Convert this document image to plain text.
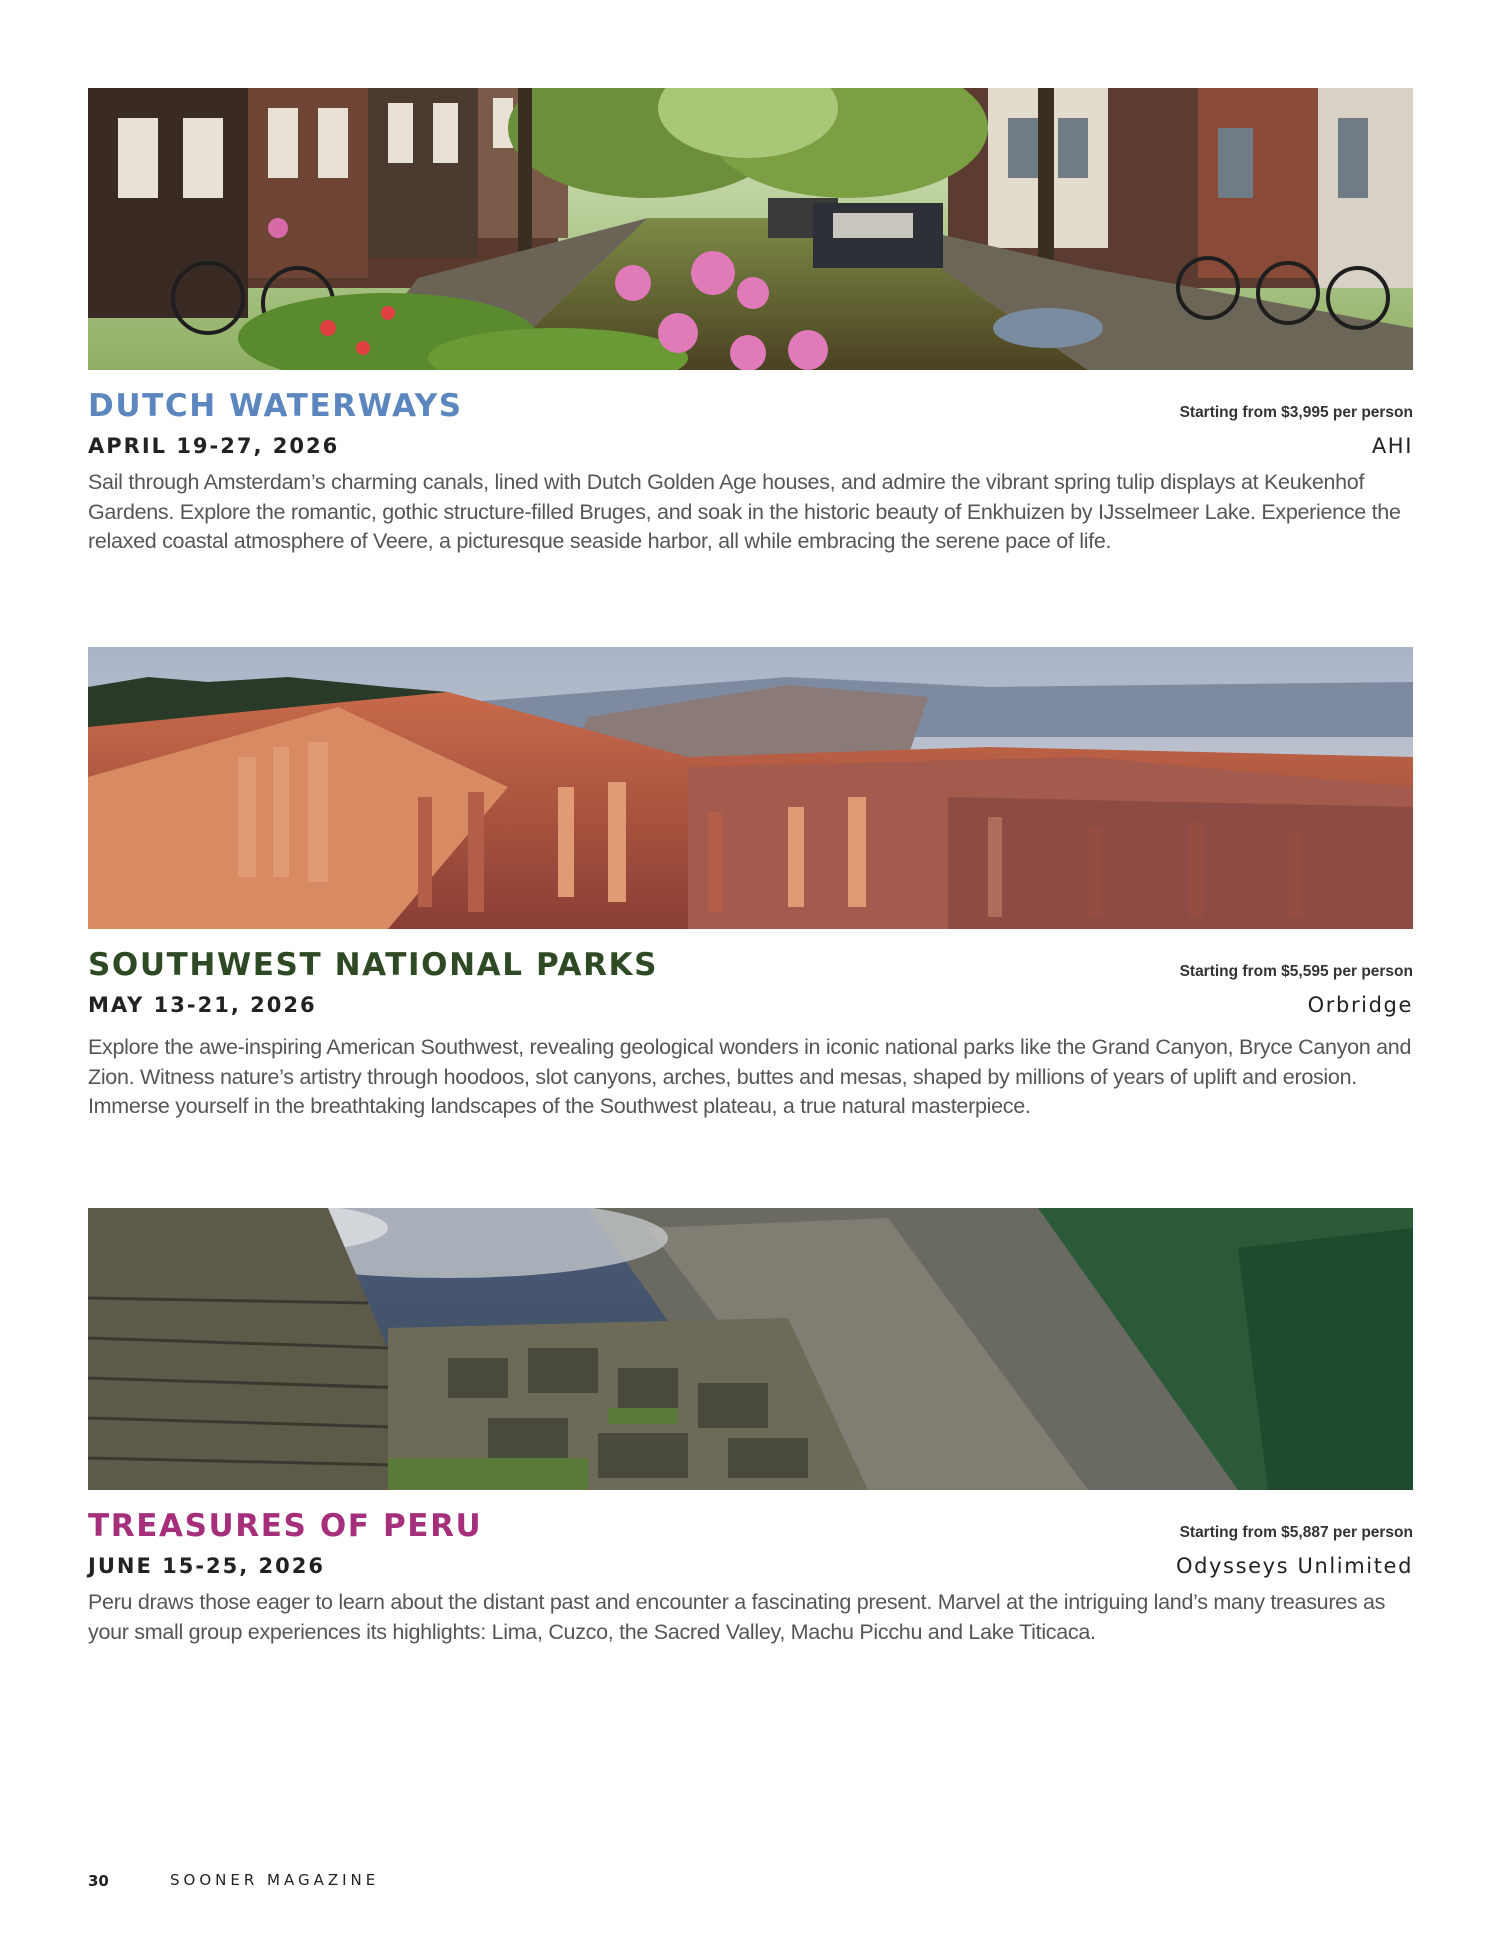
DUTCH WATERWAYS	Starting from $3,995 per person
APRIL 19-27, 2026	AHI

Sail through Amsterdam’s charming canals, lined with Dutch Golden Age houses, and admire the vibrant spring tulip displays at Keukenhof Gardens. Explore the romantic, gothic structure-filled Bruges, and soak in the historic beauty of Enkhuizen by IJsselmeer Lake. Experience the relaxed coastal atmosphere of Veere, a picturesque seaside harbor, all while embracing the serene pace of life.

SOUTHWEST NATIONAL PARKS	Starting from $5,595 per person
MAY 13-21, 2026	Orbridge

Explore the awe-inspiring American Southwest, revealing geological wonders in iconic national parks like the Grand Canyon, Bryce Canyon and Zion. Witness nature’s artistry through hoodoos, slot canyons, arches, buttes and mesas, shaped by millions of years of uplift and erosion. Immerse yourself in the breathtaking landscapes of the Southwest plateau, a true natural masterpiece.

TREASURES OF PERU	Starting from $5,887 per person
JUNE 15-25, 2026	Odysseys Unlimited

Peru draws those eager to learn about the distant past and encounter a fascinating present. Marvel at the intriguing land’s many treasures as your small group experiences its highlights: Lima, Cuzco, the Sacred Valley, Machu Picchu and Lake Titicaca.

30	SOONER MAGAZINE
